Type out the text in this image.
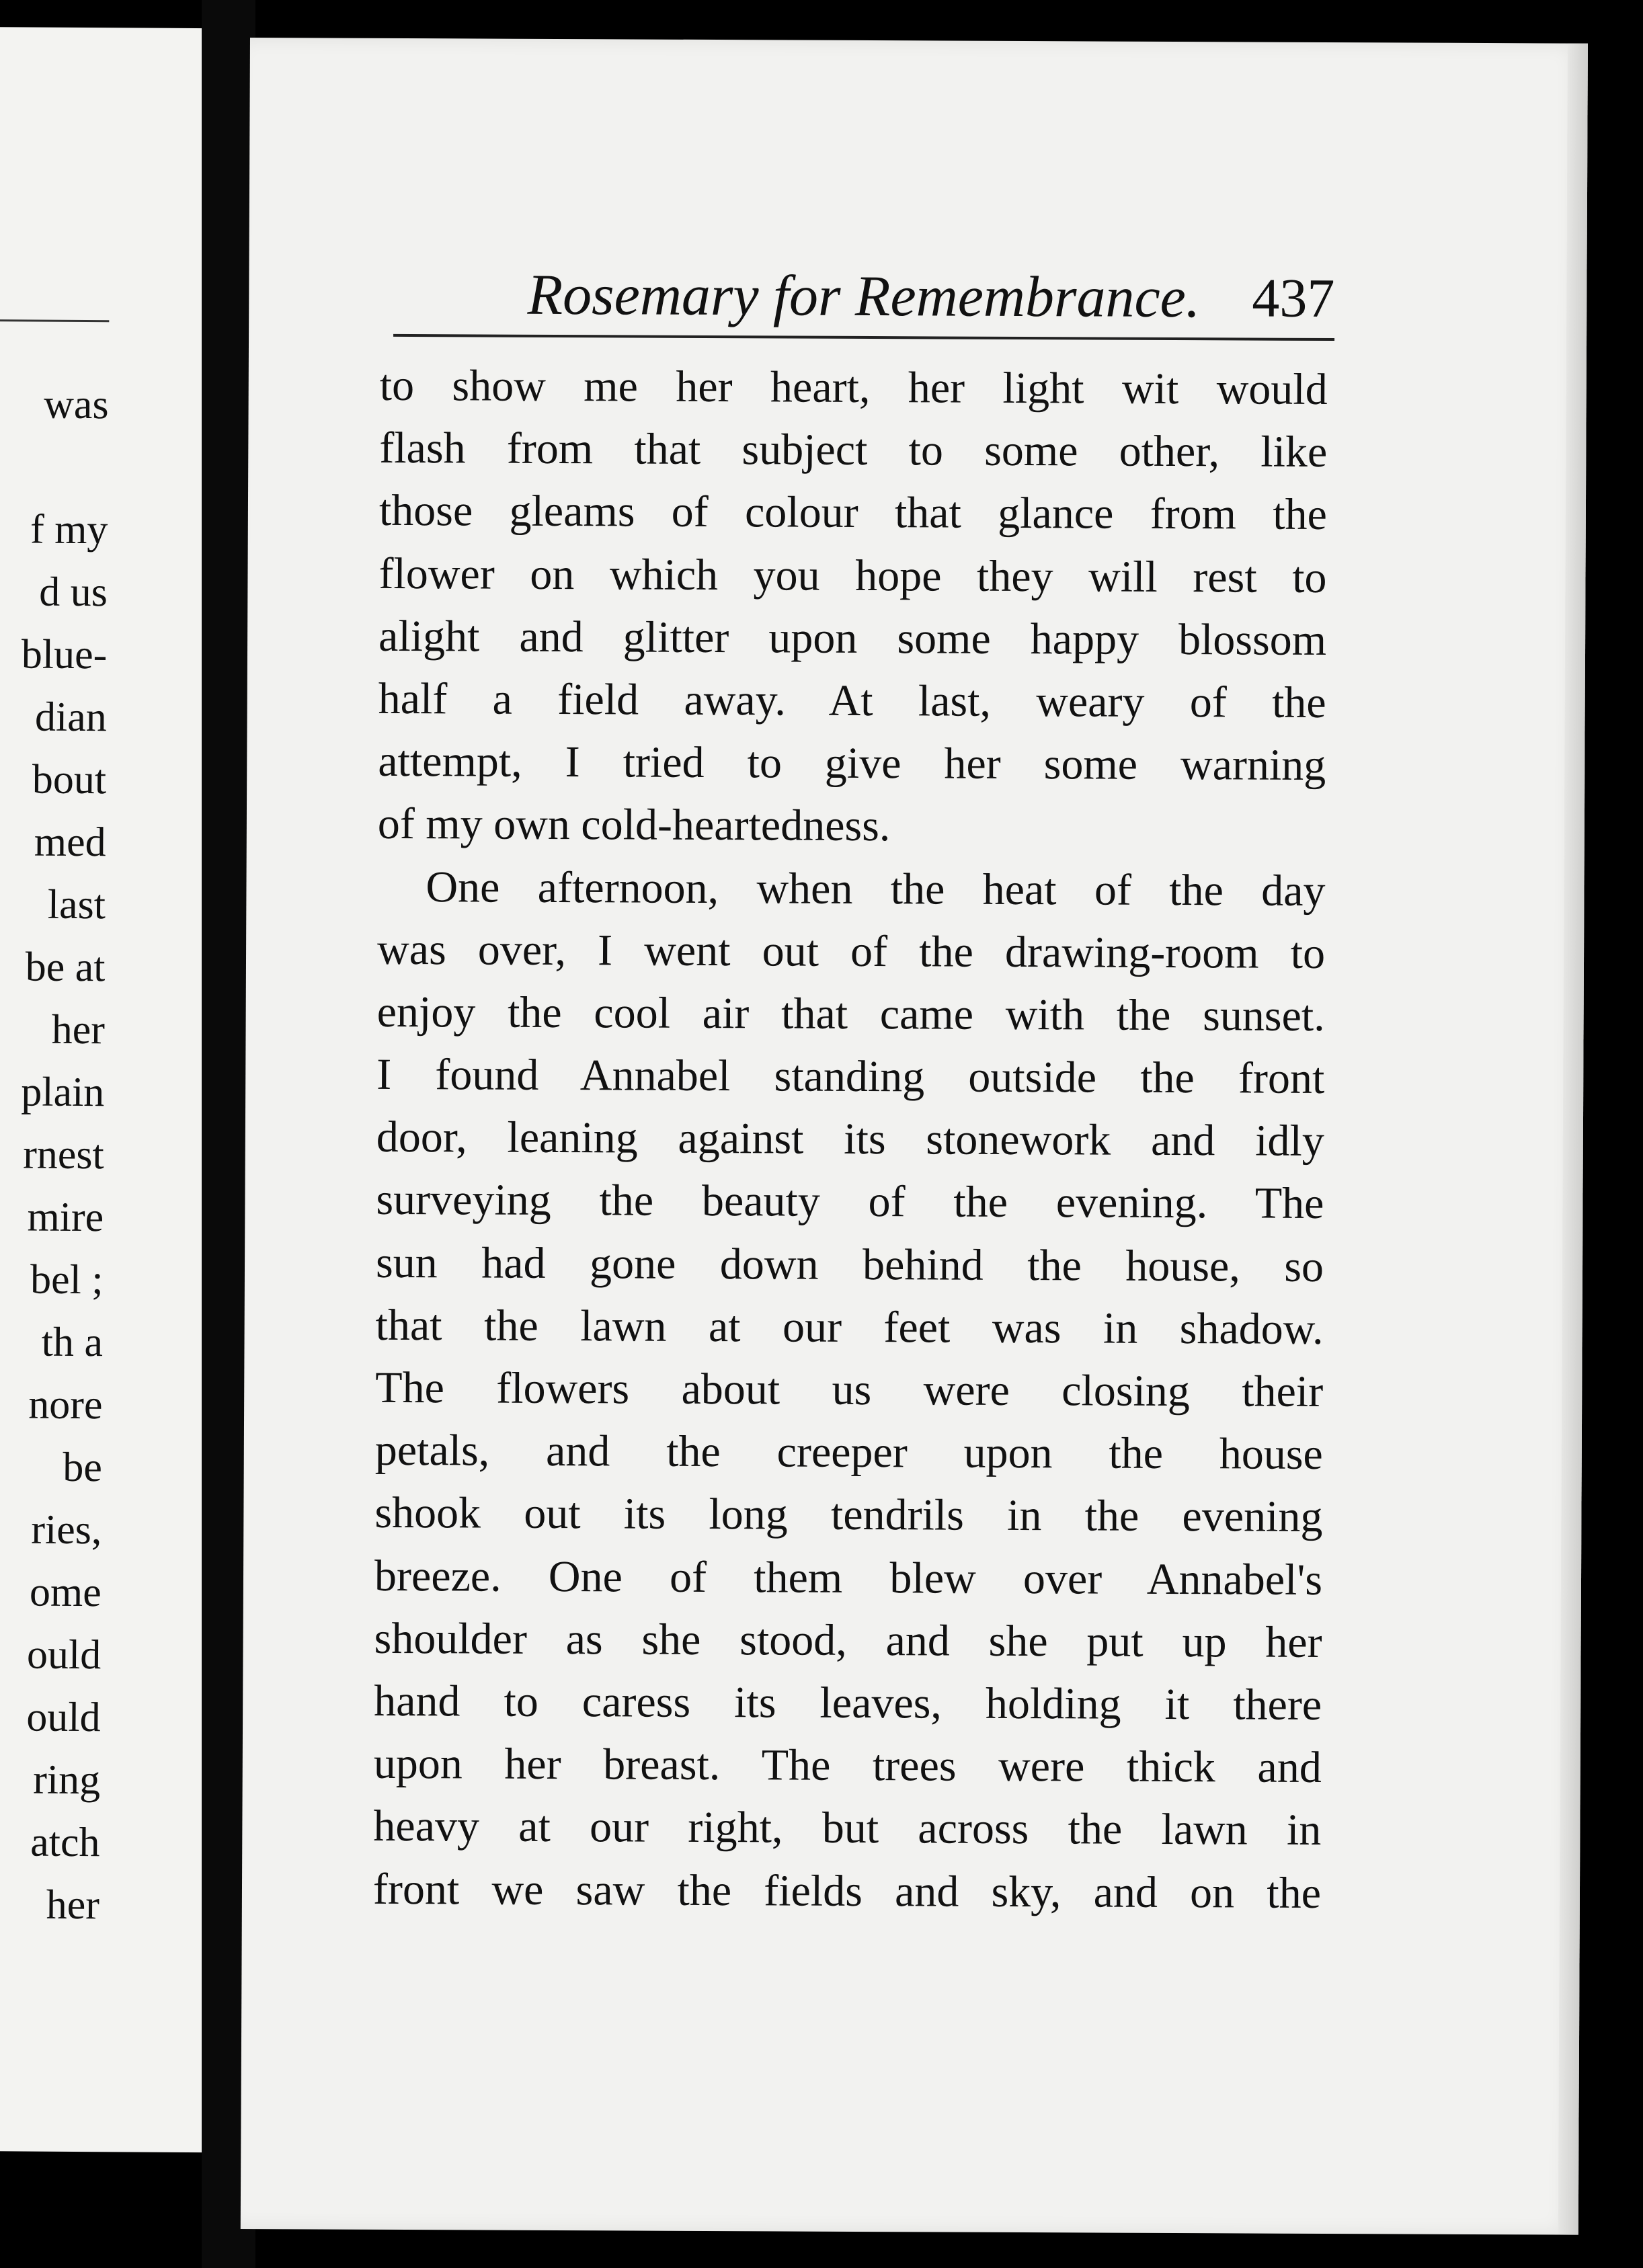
was
f my
d us
blue-
dian
bout
med
last
be at
her
plain
rnest
mire
bel ;
th a
nore
be
ries,
ome
ould
ould
ring
atch
her
Rosemary for Remembrance. 437
to show me her heart, her light wit would
flash from that subject to some other, like
those gleams of colour that glance from the
flower on which you hope they will rest to
alight and glitter upon some happy blossom
half a field away. At last, weary of the
attempt, I tried to give her some warning
of my own cold-heartedness.
One afternoon, when the heat of the day
was over, I went out of the drawing-room to
enjoy the cool air that came with the sunset.
I found Annabel standing outside the front
door, leaning against its stonework and idly
surveying the beauty of the evening. The
sun had gone down behind the house, so
that the lawn at our feet was in shadow.
The flowers about us were closing their
petals, and the creeper upon the house
shook out its long tendrils in the evening
breeze. One of them blew over Annabel's
shoulder as she stood, and she put up her
hand to caress its leaves, holding it there
upon her breast. The trees were thick and
heavy at our right, but across the lawn in
front we saw the fields and sky, and on the
